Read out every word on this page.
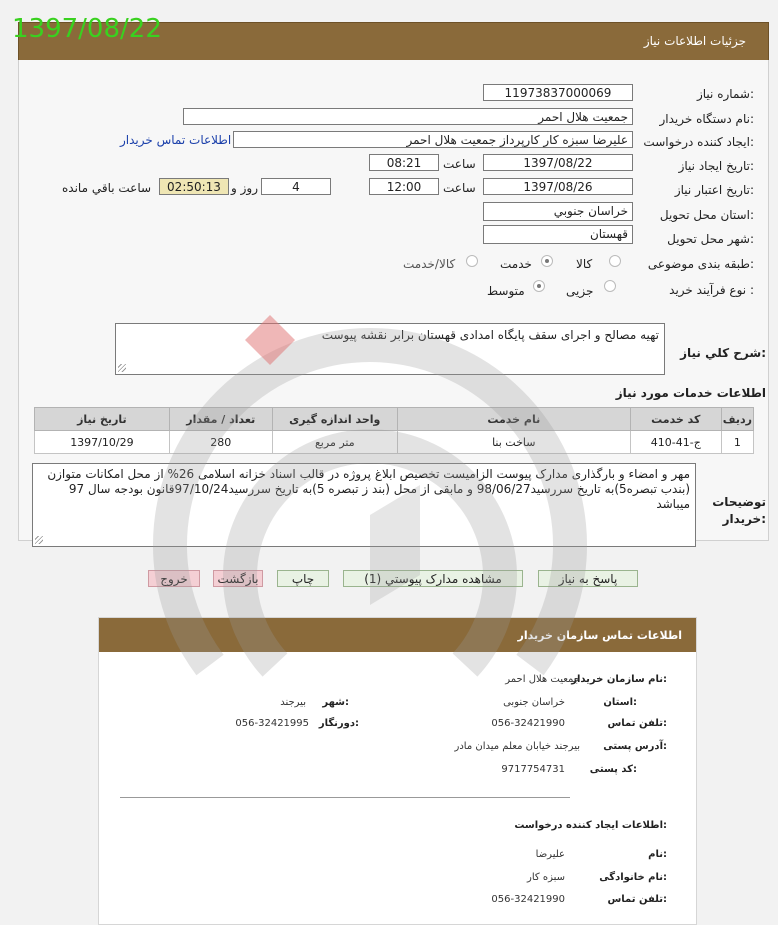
1397/08/22	جزئیات اطلاعات نیاز
شماره نیاز:
11973837000069
نام دستگاه خریدار:
جمعیت هلال احمر
ایجاد کننده درخواست:
علیرضا سبزه کار کارپرداز جمعیت هلال احمر
اطلاعات تماس خریدار
تاریخ ایجاد نیاز:
1397/08/22
ساعت
08:21
تاریخ اعتبار نیاز:
1397/08/26
ساعت
12:00
4
روز و
02:50:13
ساعت باقي مانده
استان محل تحویل:
خراسان جنوبي
شهر محل تحویل:
قهستان
طبقه بندی موضوعی:
کالا
خدمت
کالا/خدمت
نوع فرآیند خرید :
جزیی
متوسط
شرح کلي نیاز:
تهیه مصالح و اجرای سقف پایگاه امدادی قهستان برابر نقشه پیوست
اطلاعات خدمات مورد نیاز
ردیف	کد خدمت	نام خدمت	واحد اندازه گیری	تعداد / مقدار	تاریخ نیاز
1	ج-41-410	ساخت بنا	متر مربع	280	1397/10/29
توضیحات خریدار:
مهر و امضاء و بارگذاری مدارک پیوست الزامیست تخصیص ابلاغ پروژه در قالب اسناد خزانه اسلامی 26% از محل امکانات متوازن (بندب تبصره5)به تاریخ سررسید98/06/27 و مابقی از محل (بند ز تبصره 5)به تاریخ سررسید97/10/24قانون بودجه سال 97 میباشد
پاسخ به نیاز
مشاهده مدارک پیوستي (1)
چاپ
بازگشت
خروج
اطلاعات تماس سازمان خریدار
نام سازمان خریدار:
جمعیت هلال احمر
استان:
خراسان جنوبی
شهر:
بیرجند
تلفن تماس:
056-32421990
دورنگار:
056-32421995
آدرس پستی:
بیرجند خیابان معلم میدان مادر
کد پستی:
9717754731
اطلاعات ایجاد کننده درخواست:
نام:
علیرضا
نام خانوادگی:
سبزه کار
تلفن تماس:
056-32421990
